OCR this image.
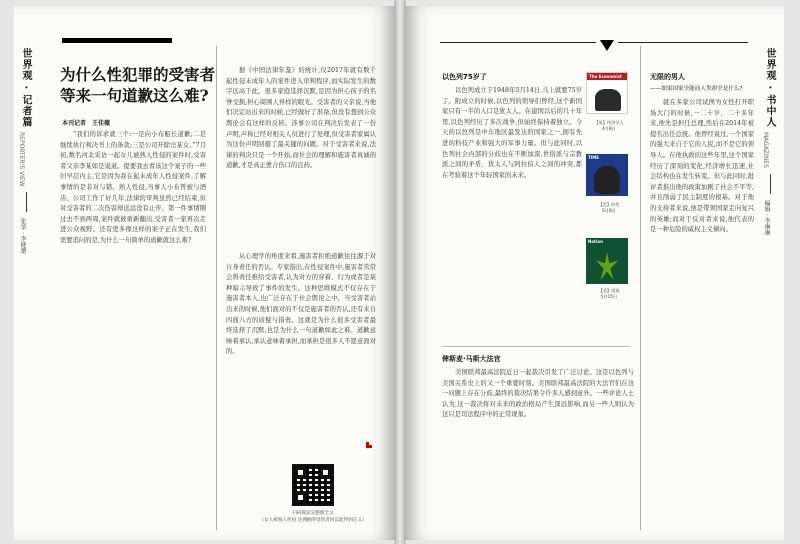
世界观 · 记者篇
REPORTER'S VIEW
张华 · 李健骢
为什么性犯罪的受害者
等来一句道歉这么难?
本刊记者　王佳薇
“我们的诉求就三个:一是向小布船长道歉;二是继续执行判决书上的条款;三是公司开除岳某女。”7月初,数名河北采访一起女儿被熟人性侵的案件时,受害者父亲李某如是说道。提要我去看该这个案子的一些旧早层内主,它是因为我在起未成年人性侵案件,了解事情的是非对与错。熟人性侵,当事人小布曾被与酒店、公司工作了好几年,法律的审判虽然已经结束,但对受害者的二次伤害却远远没有止步。第一件事情刚过去不到两周,案件就被重新翻出,受害者一家再次走进公众视野。还有更多像这样的案子正在发生,我们需要追问的是,为什么一句简单的道歉就这么难?
据《中国法律年鉴》的统计,仅2017年就有数千起性侵未成年人的案件进入审判程序,而实际发生的数字远高于此。很多家庭选择沉默,是因为担心孩子的名誉受损,担心周围人异样的眼光。受害者的父亲说,当他们决定站出来的时候,已经做好了准备,但没有想到公众舆论会有这样的反转。涉事公司在判决后发表了一份声明,声称已经对相关人员进行了处理,但受害者家属认为这份声明回避了最关键的问题。对于受害者来说,法律的判决只是一个开始,而社会的理解和施害者真诚的道歉,才是真正愈合伤口的良药。
从心理学的角度来看,施害者拒绝道歉往往源于对自身责任的否认。专家指出,在性侵案件中,施害者常常会将责任推给受害者,认为对方的穿着、行为或者是某种暗示导致了事件的发生。这种思维模式不仅存在于施害者本人,也广泛存在于社会舆论之中。当受害者站出来的时候,他们面对的不仅是施害者的否认,还有来自四面八方的质疑与指责。这就是为什么很多受害者最终选择了沉默,也是为什么一句道歉如此之难。道歉意味着承认,承认意味着承担,而承担是很多人不愿意面对的。
扫码阅读完整版全文
《女人被熟人性侵 还拥抱的受害者何以能得到正义》
世界观 · 书中人
MAGAZINES
编辑 · 李琳琳
以色列75岁了
以色列成立于1948年5月14日,马上就要75岁了。附成立的时候,以色列的领导们曾经,这个新国家只有一半的人口是犹太人。在建国以后的几十年里,以色列经历了多次战争,但始终保持着独立。今天的以色列是中东地区最发达的国家之一,拥有先进的科技产业和强大的军事力量。但与此同时,以色列社会内部的分歧也在不断加深,世俗派与宗教派之间的矛盾、犹太人与阿拉伯人之间的冲突,都在考验着这个年轻国家的未来。
俾斯麦·马斯大法官
美国联邦最高法院近日一起裁决引发了广泛讨论。这是以色列与美国关系史上的又一个重要时刻。美国联邦最高法院的大法官们在这一问题上存在分歧,最终的裁决结果令许多人感到意外。一些评论人士认为,这一裁决将对未来的政治格局产生深远影响,而另一些人则认为这只是司法程序中的正常现象。
The Economist
【英】经济学人
4月8日
TIME
【美】时代
5月8日
Nation
【美】国家
5月15日
无限的男人
——如果国家全能而人类却全是什么?
就在多家公司试图为女性打开职场大门的时候,一二十岁、二十多年来,他先是担任总理,然后在2014年被提名出任总统。他曾经说过,一个国家的强大来自于它的人民,而不是它的领导人。在他执政的这些年里,这个国家经历了深刻的变化,经济增长迅速,社会结构也在发生转变。但与此同时,批评者指出他的政策加剧了社会不平等,并且削弱了民主制度的根基。对于他的支持者来说,他是带领国家走向复兴的英雄;而对于反对者来说,他代表的是一种危险的威权主义倾向。
